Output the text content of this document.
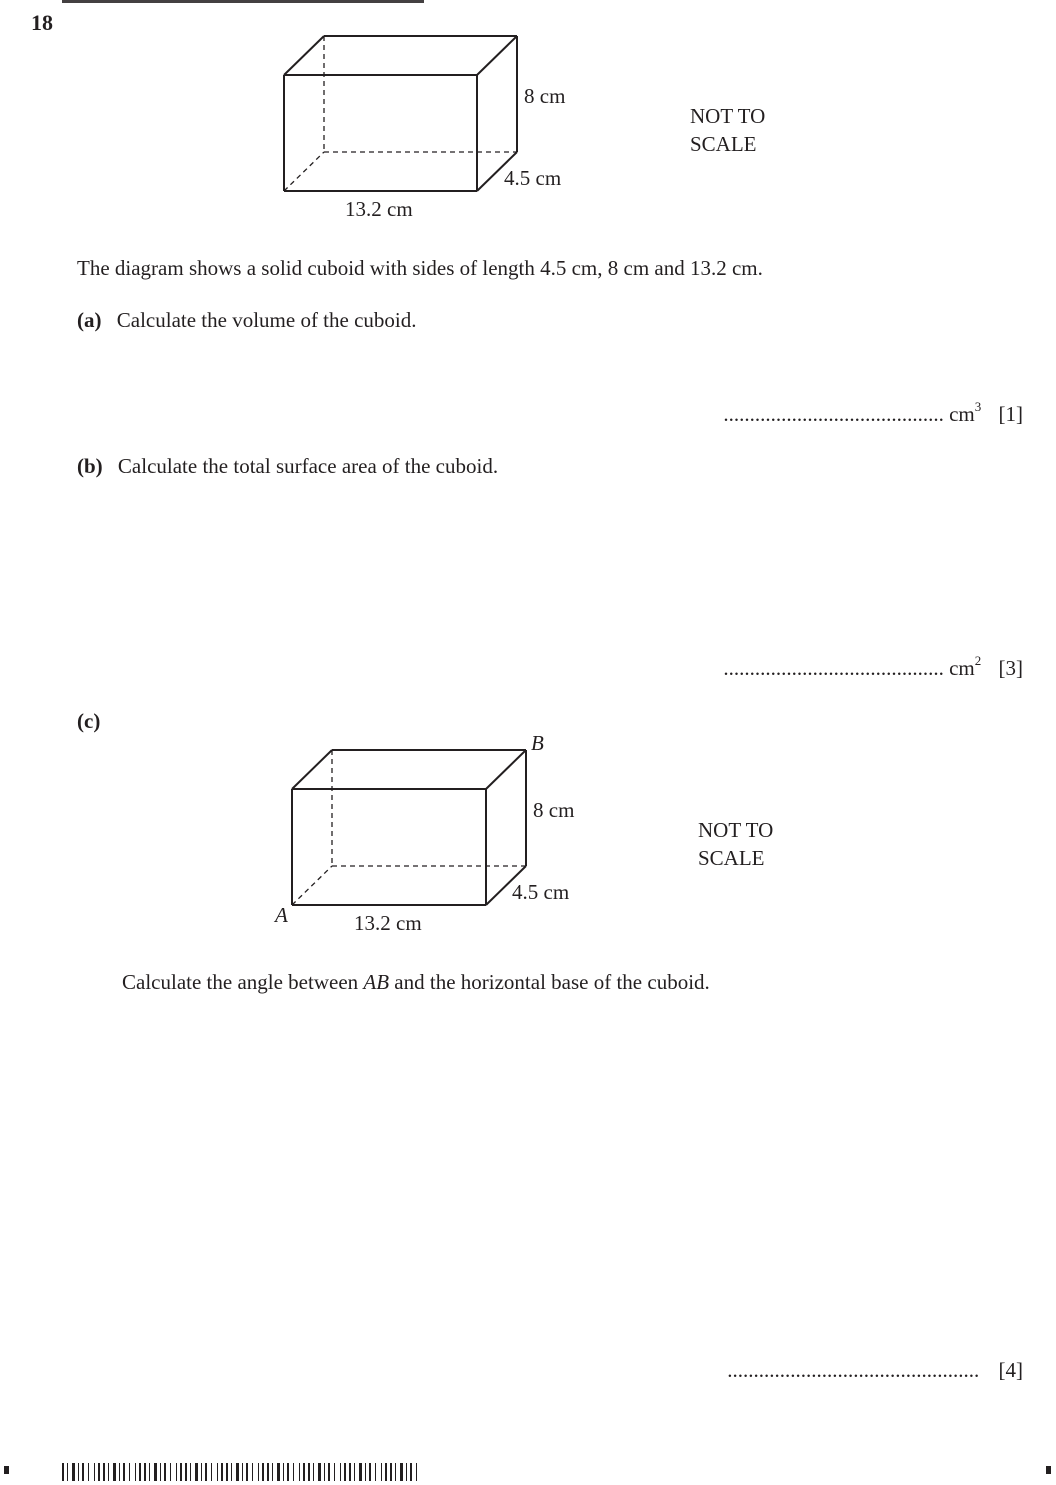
18
8 cm
4.5 cm
13.2 cm
NOT TO
SCALE
The diagram shows a solid cuboid with sides of length 4.5 cm, 8 cm and 13.2 cm.
(a) Calculate the volume of the cuboid.
.......................................... $cm^3$ [1]
(b) Calculate the total surface area of the cuboid.
.......................................... $cm^2$ [3]
(c)
B
A
8 cm
4.5 cm
13.2 cm
NOT TO
SCALE
Calculate the angle between AB and the horizontal base of the cuboid.
................................................ [4]
